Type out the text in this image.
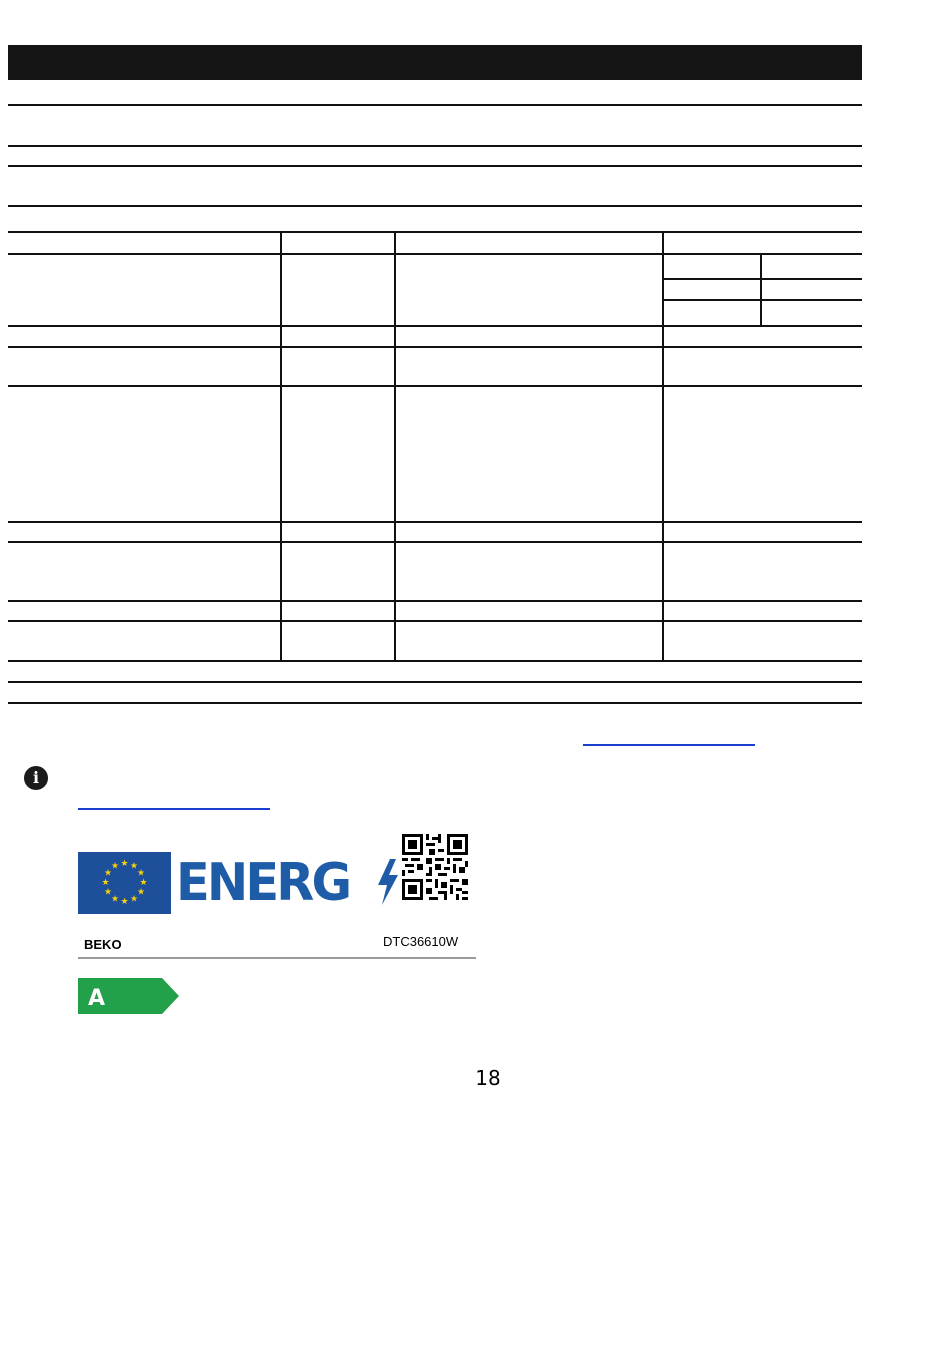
i
★ ★
★
★
★
★
★
★
★
★
★
★ ENERG
BEKO	DTC36610W
A
18
